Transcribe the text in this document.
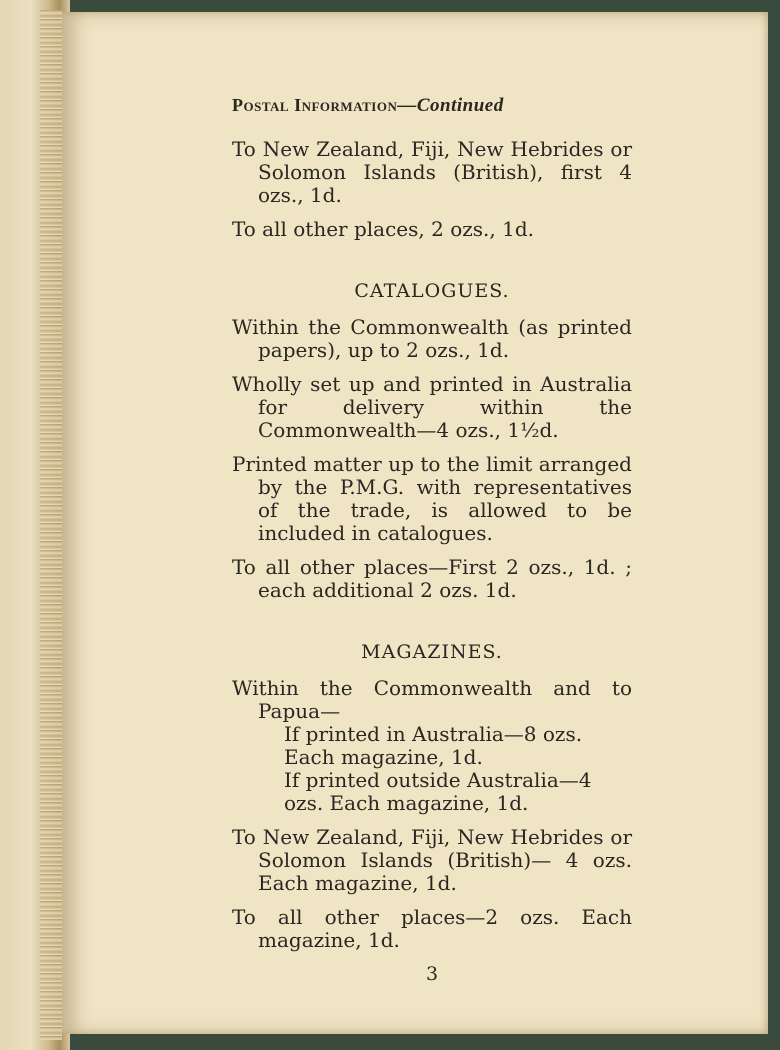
Postal Information—Continued

To New Zealand, Fiji, New Hebrides or Solomon Islands (British), first 4 ozs., 1d.

To all other places, 2 ozs., 1d.

CATALOGUES.

Within the Commonwealth (as printed papers), up to 2 ozs., 1d.

Wholly set up and printed in Australia for delivery within the Commonwealth—4 ozs., 1½d.

Printed matter up to the limit arranged by the P.M.G. with representatives of the trade, is allowed to be included in catalogues.

To all other places—First 2 ozs., 1d. ; each additional 2 ozs. 1d.

MAGAZINES.
Within the Commonwealth and to Papua—
If printed in Australia—8 ozs.
Each magazine, 1d.
If printed outside Australia—4
ozs. Each magazine, 1d.

To New Zealand, Fiji, New Hebrides or Solomon Islands (British)— 4 ozs. Each magazine, 1d.

To all other places—2 ozs. Each magazine, 1d.

3
